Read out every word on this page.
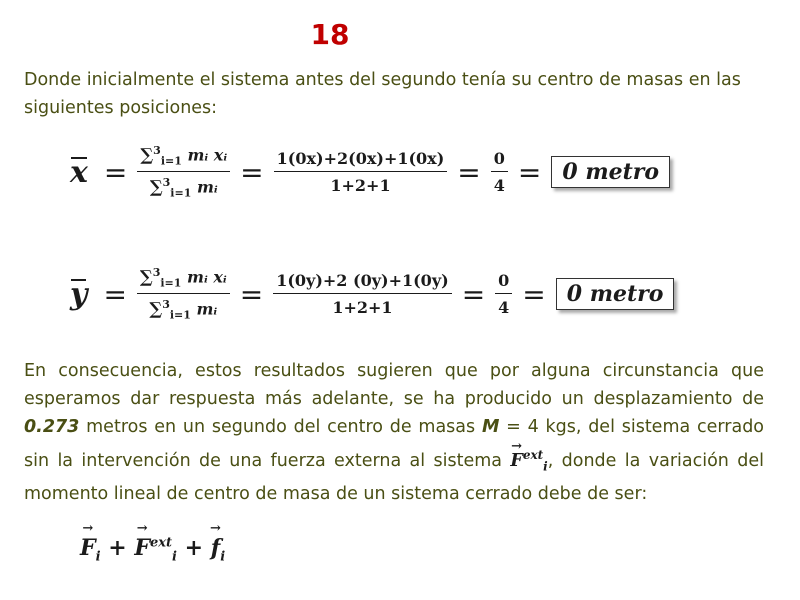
18
Donde inicialmente el sistema antes del segundo tenía su centro de masas en las siguientes posiciones:
$x = \frac{\sum^3_{i=1} mᵢ xᵢ}{\sum^3_{i=1} mᵢ} = \frac{1(0x)+2(0x)+1(0x)}{1+2+1} = \frac{0}{4} = 0$ metro
$y = \frac{\sum^3_{i=1} mᵢ xᵢ}{\sum^3_{i=1} mᵢ} = \frac{1(0y)+2 (0y)+1(0y)}{1+2+1} = \frac{0}{4} = 0$ metro
En consecuencia, estos resultados sugieren que por alguna circunstancia que esperamos dar respuesta más adelante, se ha producido un desplazamiento de 0.273 metros en un segundo del centro de masas M = 4 kgs, del sistema cerrado sin la intervención de una fuerza externa al sistema → $F^{ext}_i$, donde la variación del momento lineal de centro de masa de un sistema cerrado debe de ser:
→ $F_i$ + → $F^{ext}_i$ + → $f_i$
